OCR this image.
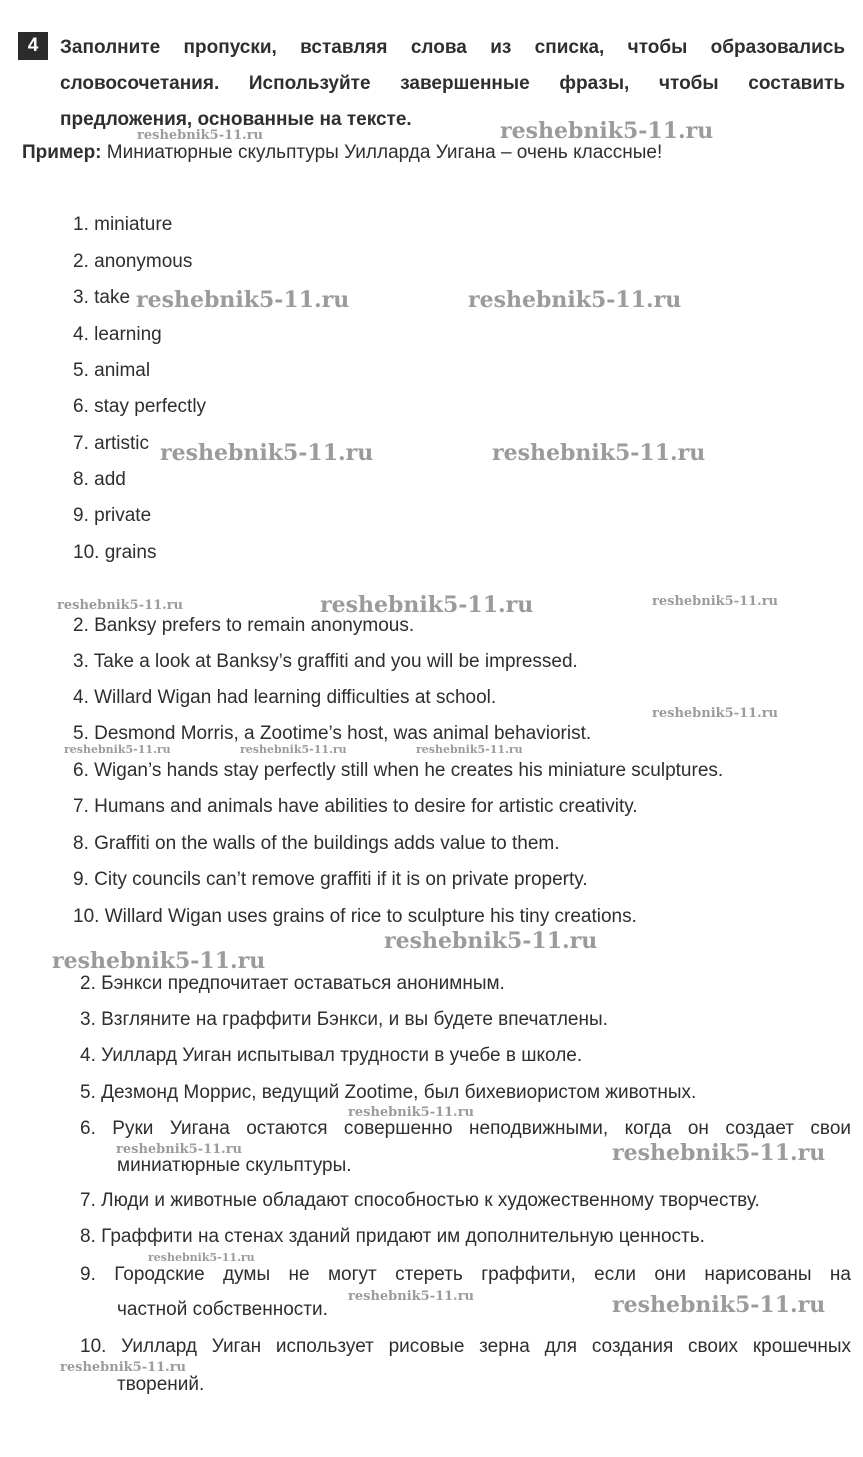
4	Заполните пропуски, вставляя слова из списка, чтобы образовались словосочетания. Используйте завершенные фразы, чтобы составить предложения, основанные на тексте.
Пример: Миниатюрные скульптуры Уилларда Уигана – очень классные!
1. miniature
2. anonymous
3. take
4. learning
5. animal
6. stay perfectly
7. artistic
8. add
9. private
10. grains
2. Banksy prefers to remain anonymous.
3. Take a look at Banksy’s graffiti and you will be impressed.
4. Willard Wigan had learning difficulties at school.
5. Desmond Morris, a Zootime’s host, was animal behaviorist.
6. Wigan’s hands stay perfectly still when he creates his miniature sculptures.
7. Humans and animals have abilities to desire for artistic creativity.
8. Graffiti on the walls of the buildings adds value to them.
9. City councils can’t remove graffiti if it is on private property.
10. Willard Wigan uses grains of rice to sculpture his tiny creations.
2. Бэнкси предпочитает оставаться анонимным.
3. Взгляните на граффити Бэнкси, и вы будете впечатлены.
4. Уиллард Уиган испытывал трудности в учебе в школе.
5. Дезмонд Моррис, ведущий Zootime, был бихевиористом животных.
6. Руки Уигана остаются совершенно неподвижными, когда он создает свои
миниатюрные скульптуры.
7. Люди и животные обладают способностью к художественному творчеству.
8. Граффити на стенах зданий придают им дополнительную ценность.
9. Городские думы не могут стереть граффити, если они нарисованы на
частной собственности.
10. Уиллард Уиган использует рисовые зерна для создания своих крошечных
творений.
reshebnik5-11.ru	reshebnik5-11.ru
reshebnik5-11.ru	reshebnik5-11.ru
reshebnik5-11.ru	reshebnik5-11.ru
reshebnik5-11.ru	reshebnik5-11.ru	reshebnik5-11.ru
reshebnik5-11.ru
reshebnik5-11.ru	reshebnik5-11.ru	reshebnik5-11.ru
reshebnik5-11.ru
reshebnik5-11.ru
reshebnik5-11.ru
reshebnik5-11.ru	reshebnik5-11.ru
reshebnik5-11.ru
reshebnik5-11.ru	reshebnik5-11.ru
reshebnik5-11.ru
